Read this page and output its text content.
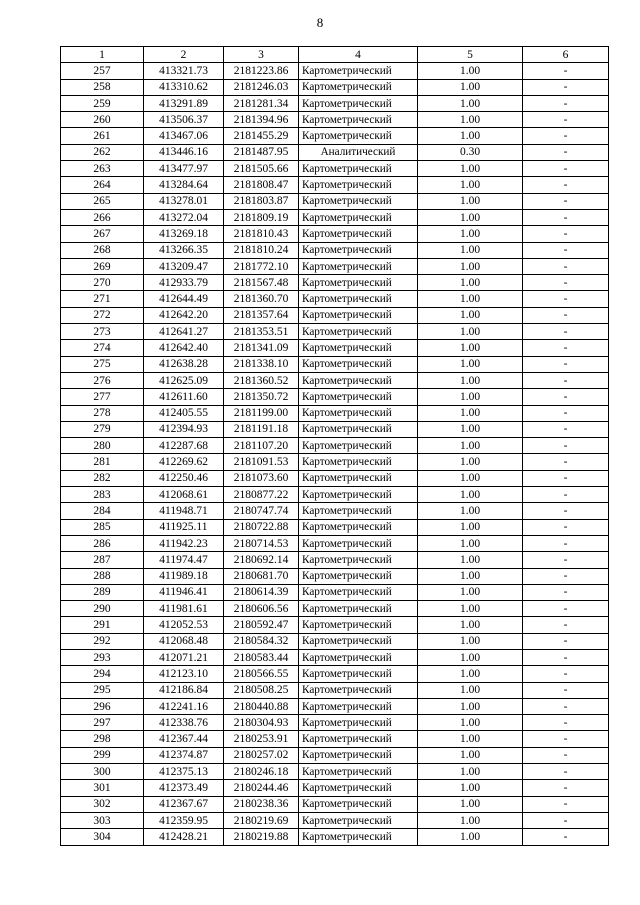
8
1	2	3	4	5	6
257	413321.73	2181223.86	Картометрический	1.00	-
258	413310.62	2181246.03	Картометрический	1.00	-
259	413291.89	2181281.34	Картометрический	1.00	-
260	413506.37	2181394.96	Картометрический	1.00	-
261	413467.06	2181455.29	Картометрический	1.00	-
262	413446.16	2181487.95	Аналитический	0.30	-
263	413477.97	2181505.66	Картометрический	1.00	-
264	413284.64	2181808.47	Картометрический	1.00	-
265	413278.01	2181803.87	Картометрический	1.00	-
266	413272.04	2181809.19	Картометрический	1.00	-
267	413269.18	2181810.43	Картометрический	1.00	-
268	413266.35	2181810.24	Картометрический	1.00	-
269	413209.47	2181772.10	Картометрический	1.00	-
270	412933.79	2181567.48	Картометрический	1.00	-
271	412644.49	2181360.70	Картометрический	1.00	-
272	412642.20	2181357.64	Картометрический	1.00	-
273	412641.27	2181353.51	Картометрический	1.00	-
274	412642.40	2181341.09	Картометрический	1.00	-
275	412638.28	2181338.10	Картометрический	1.00	-
276	412625.09	2181360.52	Картометрический	1.00	-
277	412611.60	2181350.72	Картометрический	1.00	-
278	412405.55	2181199.00	Картометрический	1.00	-
279	412394.93	2181191.18	Картометрический	1.00	-
280	412287.68	2181107.20	Картометрический	1.00	-
281	412269.62	2181091.53	Картометрический	1.00	-
282	412250.46	2181073.60	Картометрический	1.00	-
283	412068.61	2180877.22	Картометрический	1.00	-
284	411948.71	2180747.74	Картометрический	1.00	-
285	411925.11	2180722.88	Картометрический	1.00	-
286	411942.23	2180714.53	Картометрический	1.00	-
287	411974.47	2180692.14	Картометрический	1.00	-
288	411989.18	2180681.70	Картометрический	1.00	-
289	411946.41	2180614.39	Картометрический	1.00	-
290	411981.61	2180606.56	Картометрический	1.00	-
291	412052.53	2180592.47	Картометрический	1.00	-
292	412068.48	2180584.32	Картометрический	1.00	-
293	412071.21	2180583.44	Картометрический	1.00	-
294	412123.10	2180566.55	Картометрический	1.00	-
295	412186.84	2180508.25	Картометрический	1.00	-
296	412241.16	2180440.88	Картометрический	1.00	-
297	412338.76	2180304.93	Картометрический	1.00	-
298	412367.44	2180253.91	Картометрический	1.00	-
299	412374.87	2180257.02	Картометрический	1.00	-
300	412375.13	2180246.18	Картометрический	1.00	-
301	412373.49	2180244.46	Картометрический	1.00	-
302	412367.67	2180238.36	Картометрический	1.00	-
303	412359.95	2180219.69	Картометрический	1.00	-
304	412428.21	2180219.88	Картометрический	1.00	-
